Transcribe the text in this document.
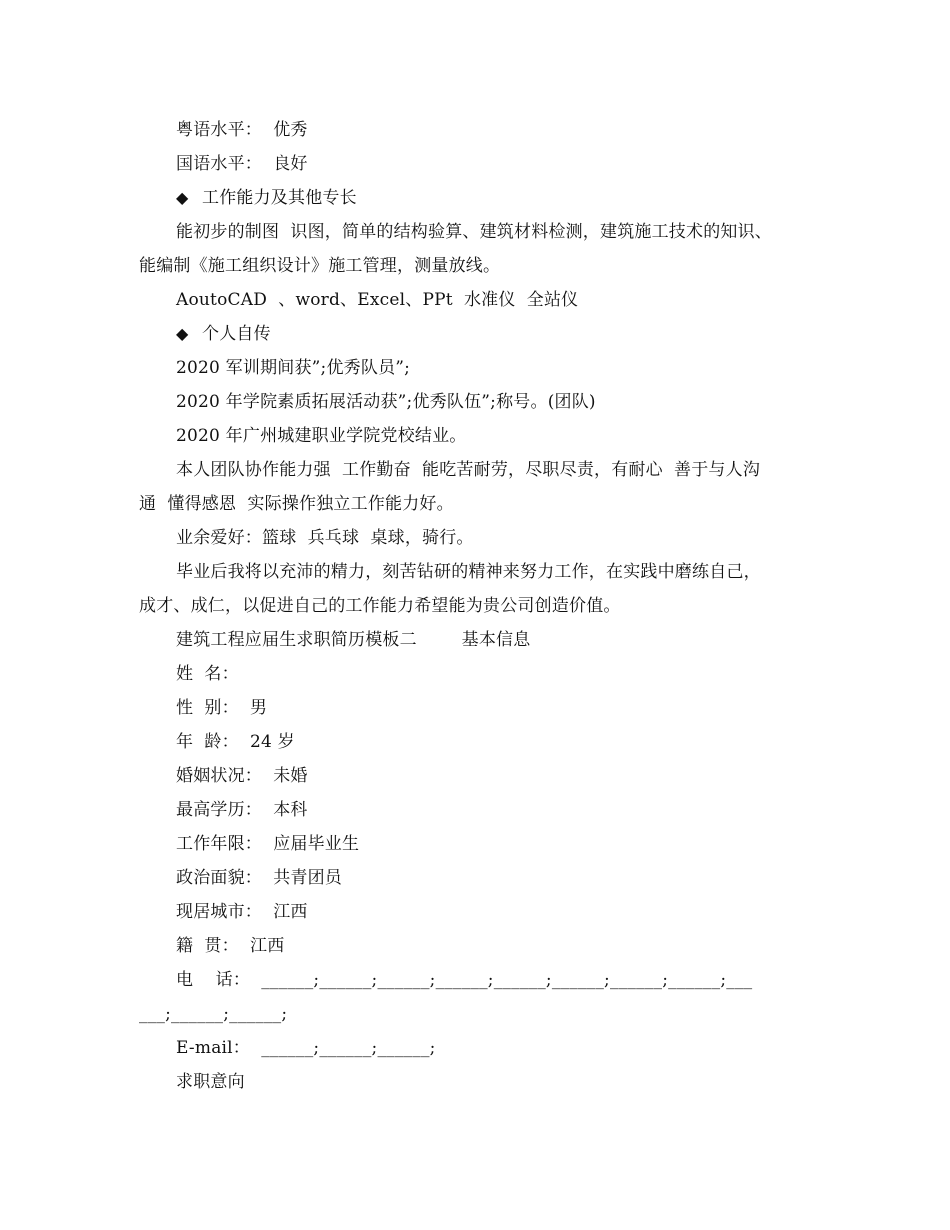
粤语水平：  优秀
国语水平：  良好
◆ 工作能力及其他专长
能初步的制图  识图，简单的结构验算、建筑材料检测，建筑施工技术的知识、
能编制《施工组织设计》施工管理，测量放线。
AoutoCAD  、word、Excel、PPt  水准仪  全站仪
◆ 个人自传
2020 军训期间获”;优秀队员”;
2020 年学院素质拓展活动获”;优秀队伍”;称号。(团队)
2020 年广州城建职业学院党校结业。
本人团队协作能力强  工作勤奋  能吃苦耐劳，尽职尽责，有耐心  善于与人沟
通  懂得感恩  实际操作独立工作能力好。
业余爱好：篮球  兵乓球  桌球，骑行。
毕业后我将以充沛的精力，刻苦钻研的精神来努力工作，在实践中磨练自己，
成才、成仁，以促进自己的工作能力希望能为贵公司创造价值。
建筑工程应届生求职简历模板二        基本信息
姓  名：
性  别：  男
年  龄：  24 岁
婚姻状况：  未婚
最高学历：  本科
工作年限：  应届毕业生
政治面貌：  共青团员
现居城市：  江西
籍  贯：  江西
电    话：  ______;______;______;______;______;______;______;______;___
___;______;______;
E-mail：  ______;______;______;
求职意向
